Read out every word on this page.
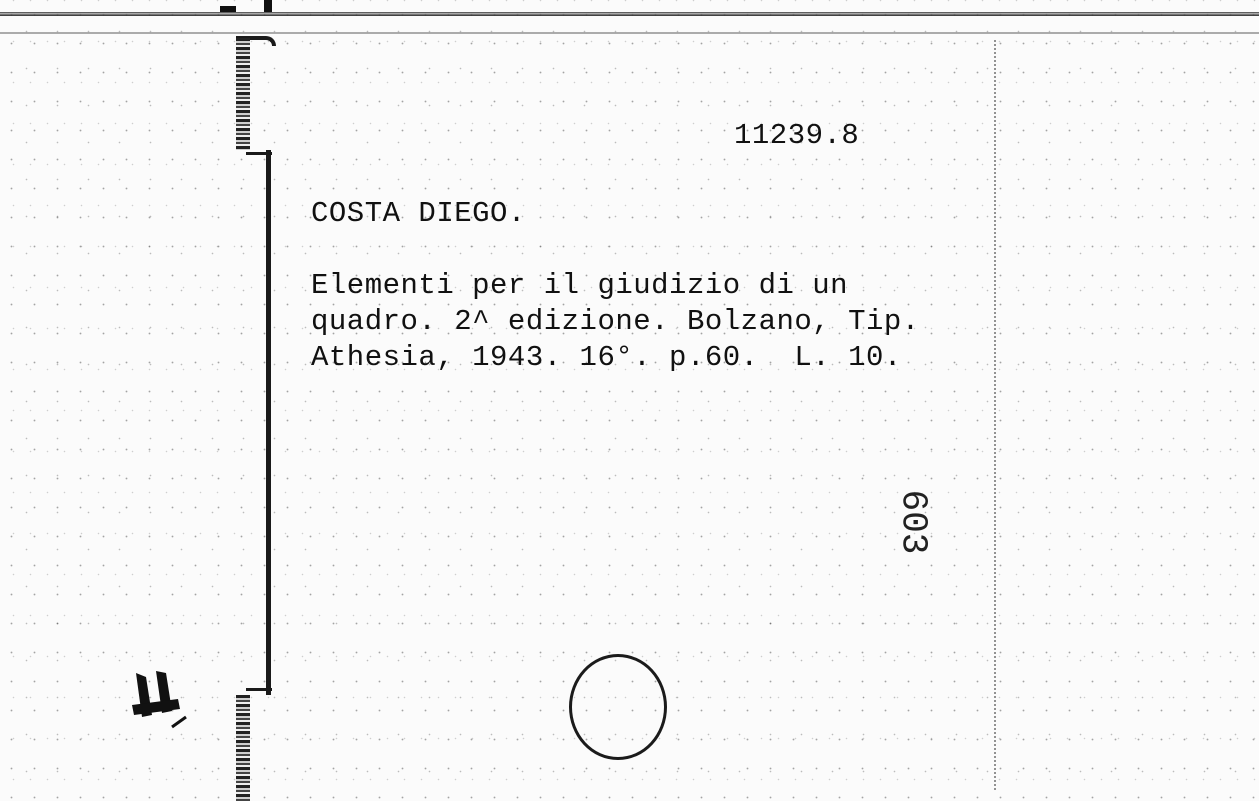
11239.8
COSTA DIEGO.
Elementi per il giudizio di un
quadro. 2^ edizione. Bolzano, Tip.
Athesia, 1943. 16°. p.60.  L. 10.
603
